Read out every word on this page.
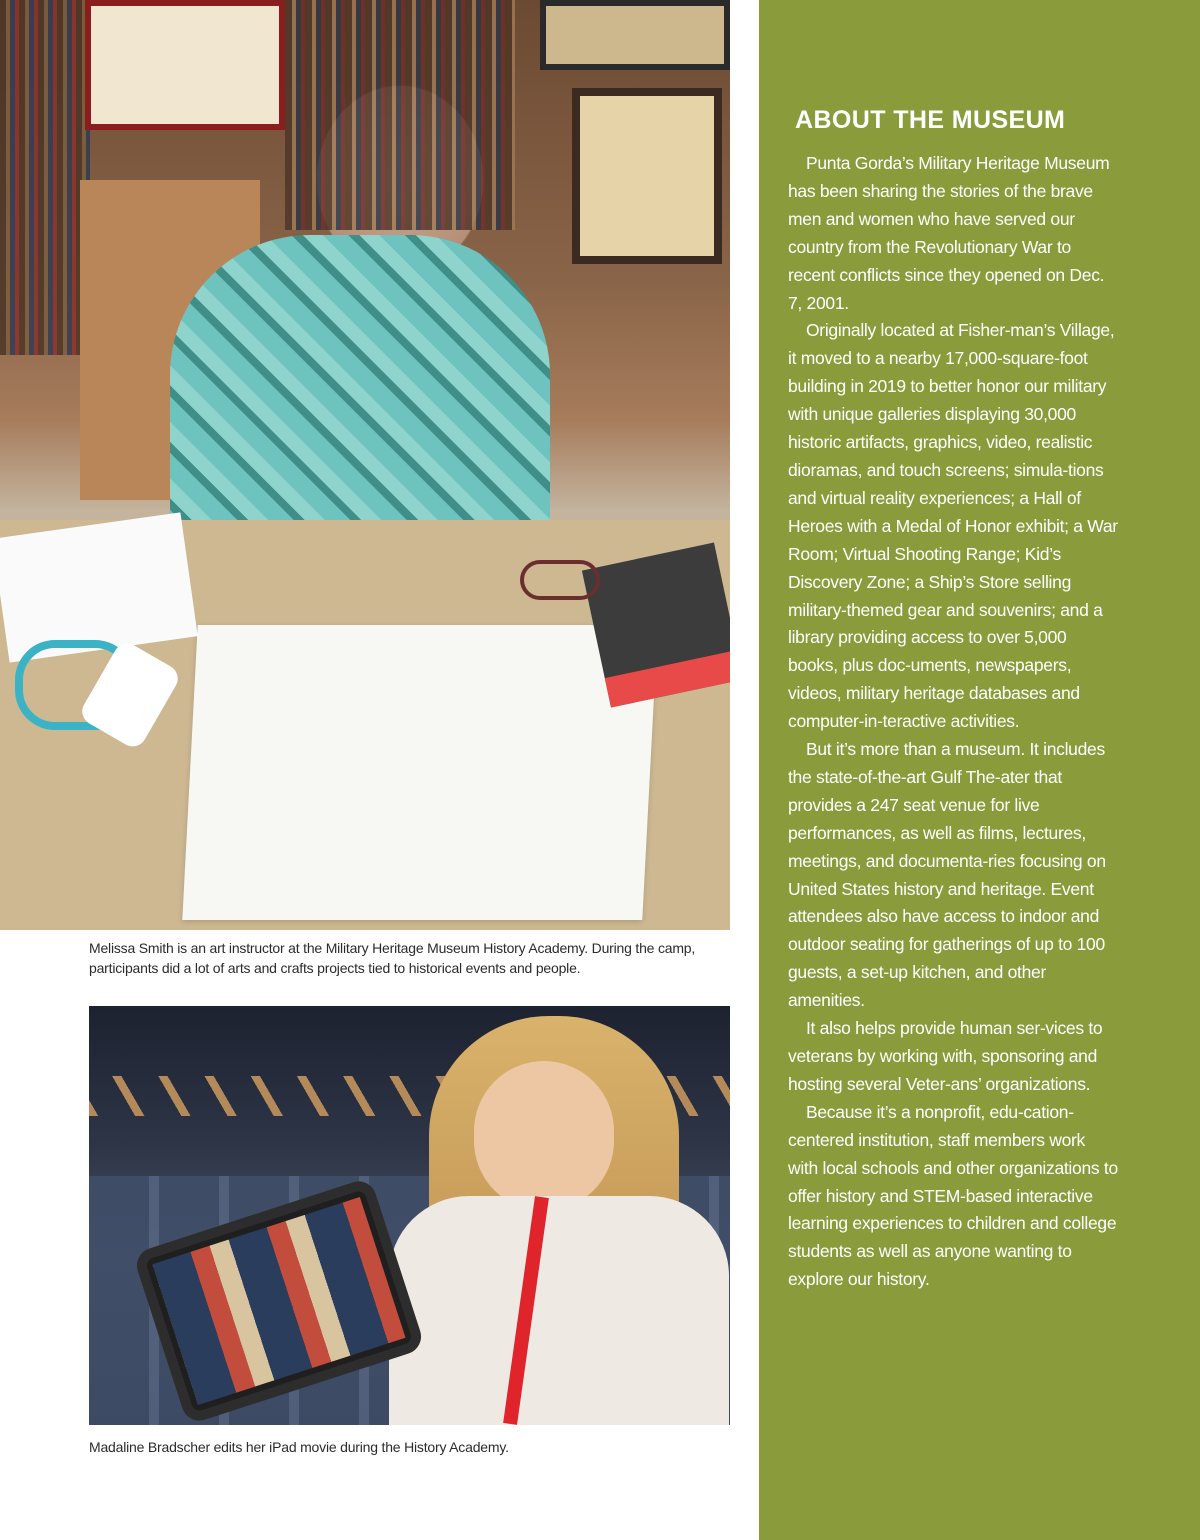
Melissa Smith is an art instructor at the Military Heritage Museum History Academy. During the camp, participants did a lot of arts and crafts projects tied to historical events and people.

Madaline Bradscher edits her iPad movie during the History Academy.

ABOUT THE MUSEUM

Punta Gorda’s Military Heritage Museum has been sharing the stories of the brave men and women who have served our country from the Revolutionary War to recent conflicts since they opened on Dec. 7, 2001.

Originally located at Fisher-man’s Village, it moved to a nearby 17,000-square-foot building in 2019 to better honor our military with unique galleries displaying 30,000 historic artifacts, graphics, video, realistic dioramas, and touch screens; simula-tions and virtual reality experiences; a Hall of Heroes with a Medal of Honor exhibit; a War Room; Virtual Shooting Range; Kid’s Discovery Zone; a Ship’s Store selling military-themed gear and souvenirs; and a library providing access to over 5,000 books, plus doc-uments, newspapers, videos, military heritage databases and computer-in-teractive activities.

But it’s more than a museum. It includes the state-of-the-art Gulf The-ater that provides a 247 seat venue for live performances, as well as films, lectures, meetings, and documenta-ries focusing on United States history and heritage. Event attendees also have access to indoor and outdoor seating for gatherings of up to 100 guests, a set-up kitchen, and other amenities.

It also helps provide human ser-vices to veterans by working with, sponsoring and hosting several Veter-ans’ organizations.

Because it’s a nonprofit, edu-cation-centered institution, staff members work with local schools and other organizations to offer history and STEM-based interactive learning experiences to children and college students as well as anyone wanting to explore our history.
